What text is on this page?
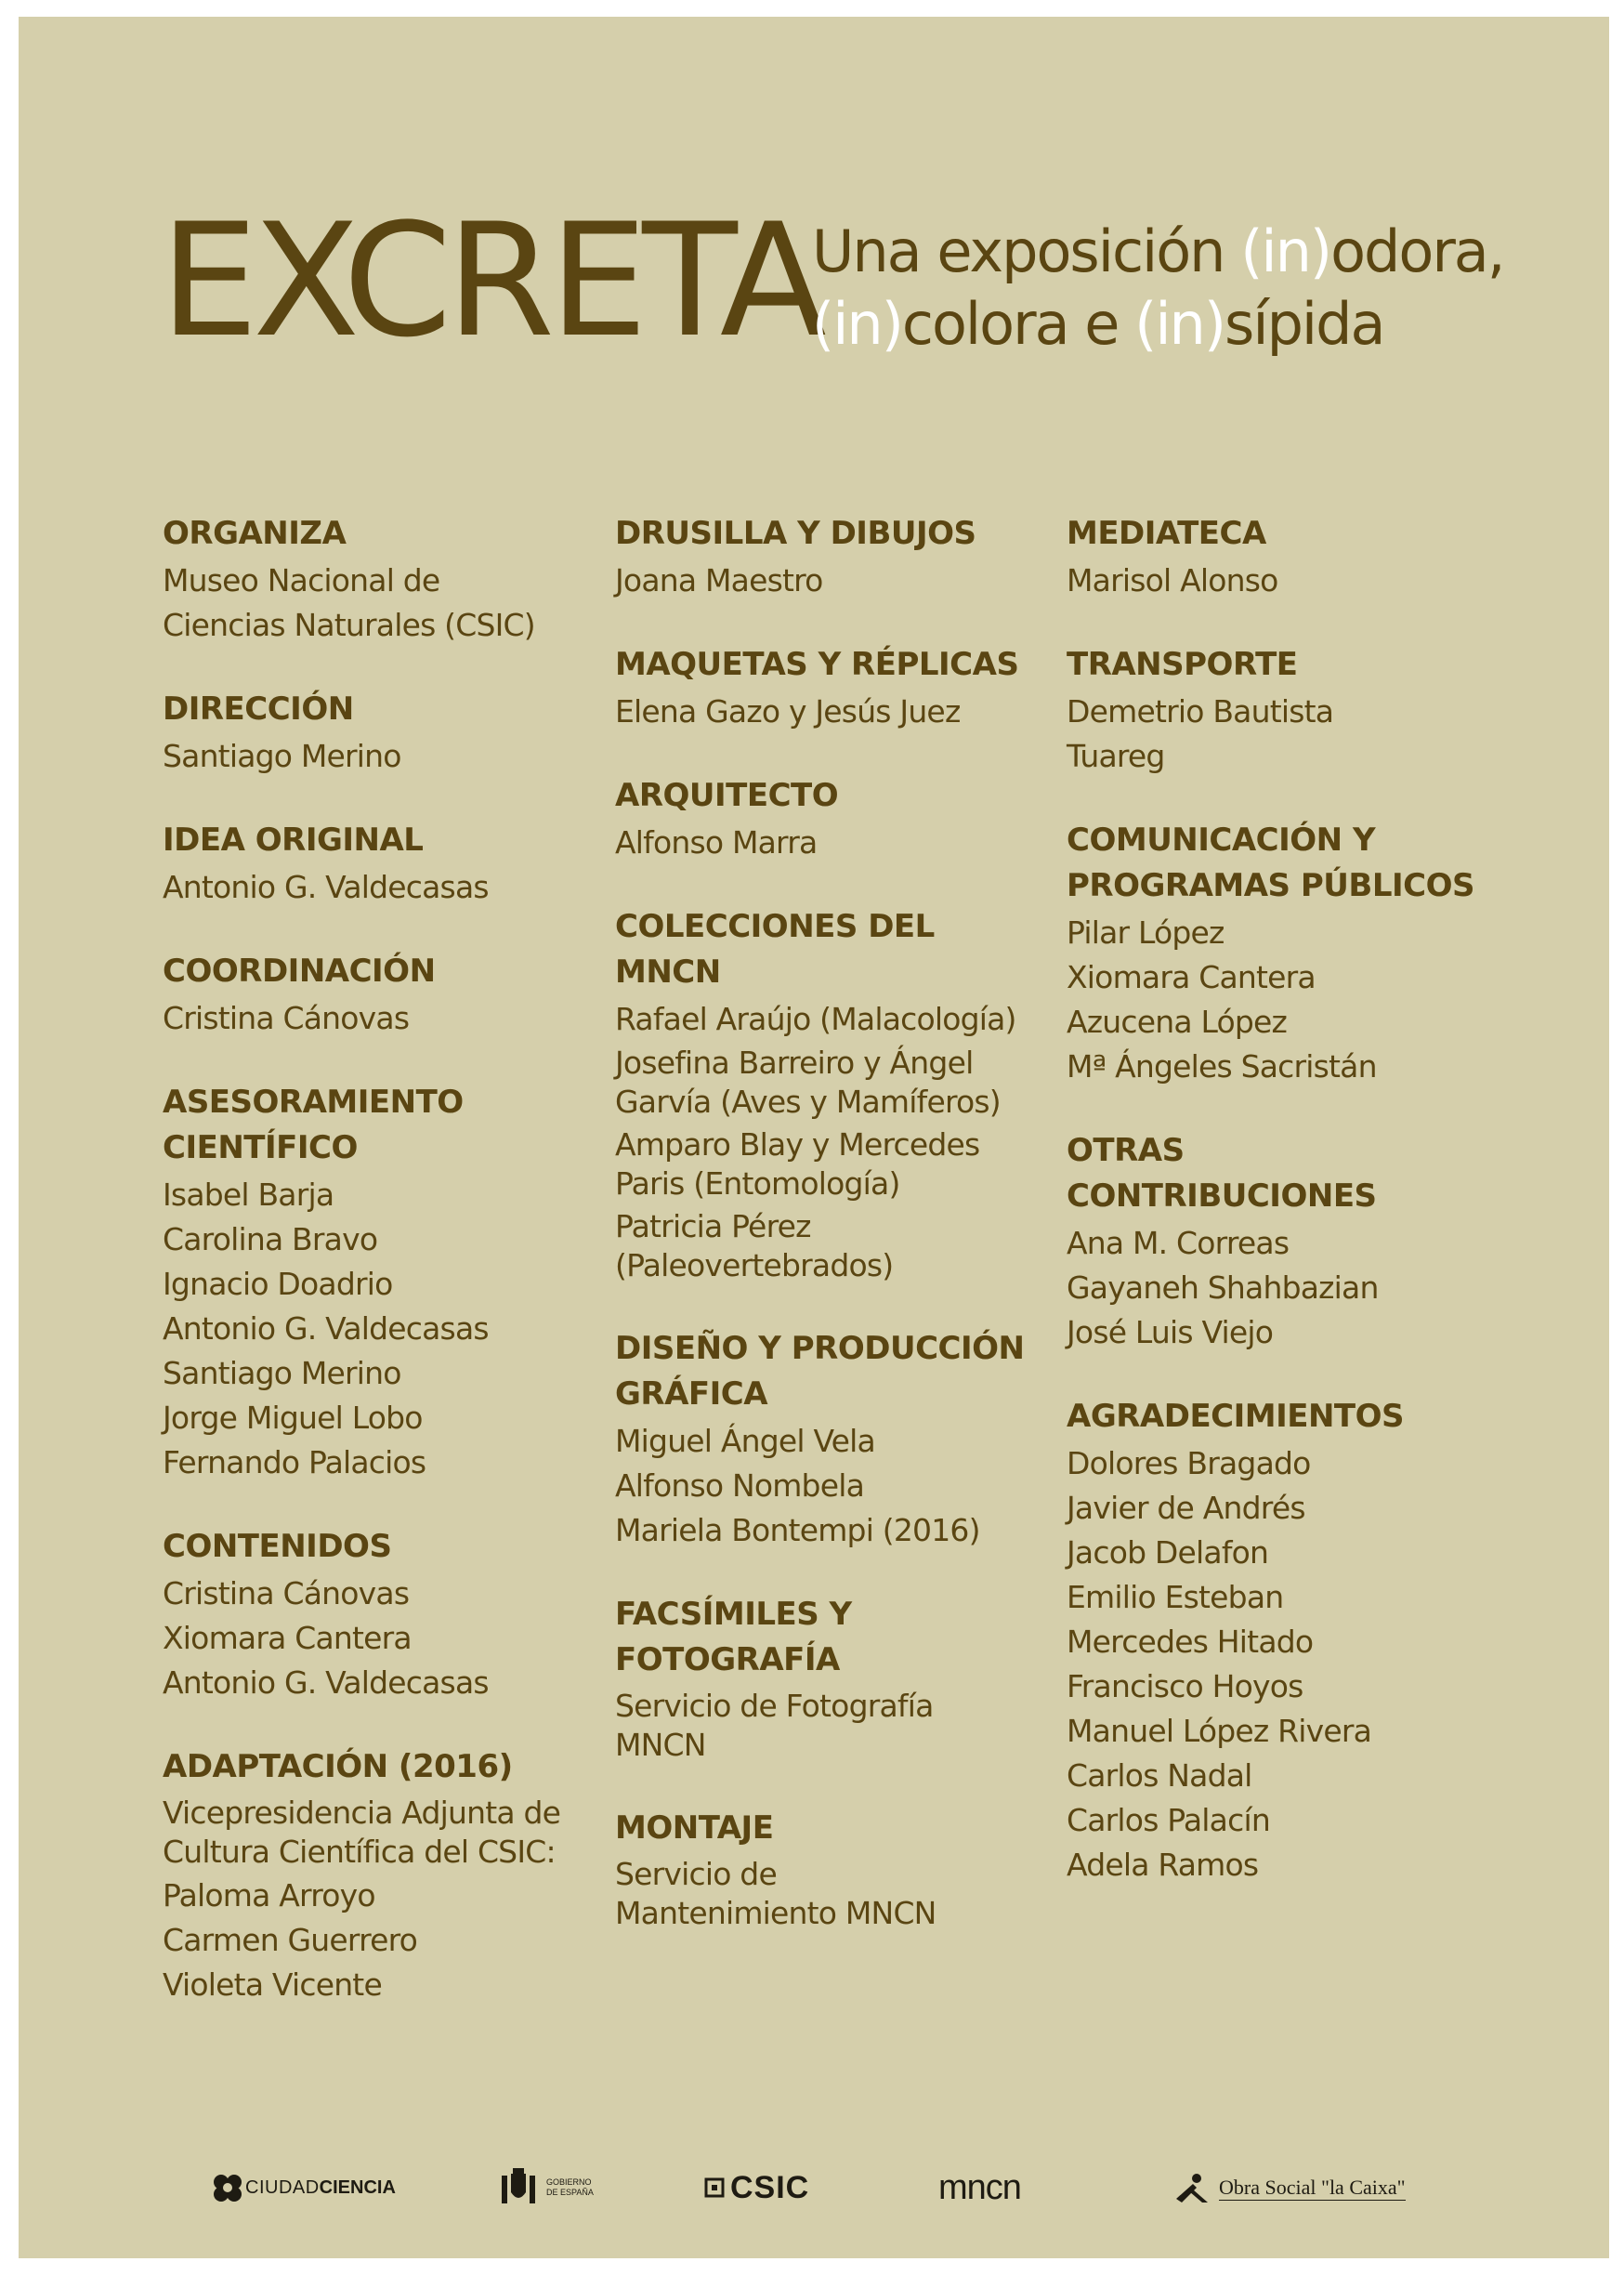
EXCRETA
Una exposición (in)odora,
(in)colora e (in)sípida
ORGANIZA
Museo Nacional de
Ciencias Naturales (CSIC)
DIRECCIÓN
Santiago Merino
IDEA ORIGINAL
Antonio G. Valdecasas
COORDINACIÓN
Cristina Cánovas
ASESORAMIENTO
CIENTÍFICO
Isabel Barja
Carolina Bravo
Ignacio Doadrio
Antonio G. Valdecasas
Santiago Merino
Jorge Miguel Lobo
Fernando Palacios
CONTENIDOS
Cristina Cánovas
Xiomara Cantera
Antonio G. Valdecasas
ADAPTACIÓN (2016)
Vicepresidencia Adjunta de
Cultura Científica del CSIC:
Paloma Arroyo
Carmen Guerrero
Violeta Vicente
DRUSILLA Y DIBUJOS
Joana Maestro
MAQUETAS Y RÉPLICAS
Elena Gazo y Jesús Juez
ARQUITECTO
Alfonso Marra
COLECCIONES DEL
MNCN
Rafael Araújo (Malacología)
Josefina Barreiro y Ángel
Garvía (Aves y Mamíferos)
Amparo Blay y Mercedes
Paris (Entomología)
Patricia Pérez
(Paleovertebrados)
DISEÑO Y PRODUCCIÓN
GRÁFICA
Miguel Ángel Vela
Alfonso Nombela
Mariela Bontempi (2016)
FACSÍMILES Y
FOTOGRAFÍA
Servicio de Fotografía
MNCN
MONTAJE
Servicio de
Mantenimiento MNCN
MEDIATECA
Marisol Alonso
TRANSPORTE
Demetrio Bautista
Tuareg
COMUNICACIÓN Y
PROGRAMAS PÚBLICOS
Pilar López
Xiomara Cantera
Azucena López
Mª Ángeles Sacristán
OTRAS
CONTRIBUCIONES
Ana M. Correas
Gayaneh Shahbazian
José Luis Viejo
AGRADECIMIENTOS
Dolores Bragado
Javier de Andrés
Jacob Delafon
Emilio Esteban
Mercedes Hitado
Francisco Hoyos
Manuel López Rivera
Carlos Nadal
Carlos Palacín
Adela Ramos
CIUDAD CIENCIA	GOBIERNO
DE ESPAÑA	CSIC	mncn	Obra Social "la Caixa"
